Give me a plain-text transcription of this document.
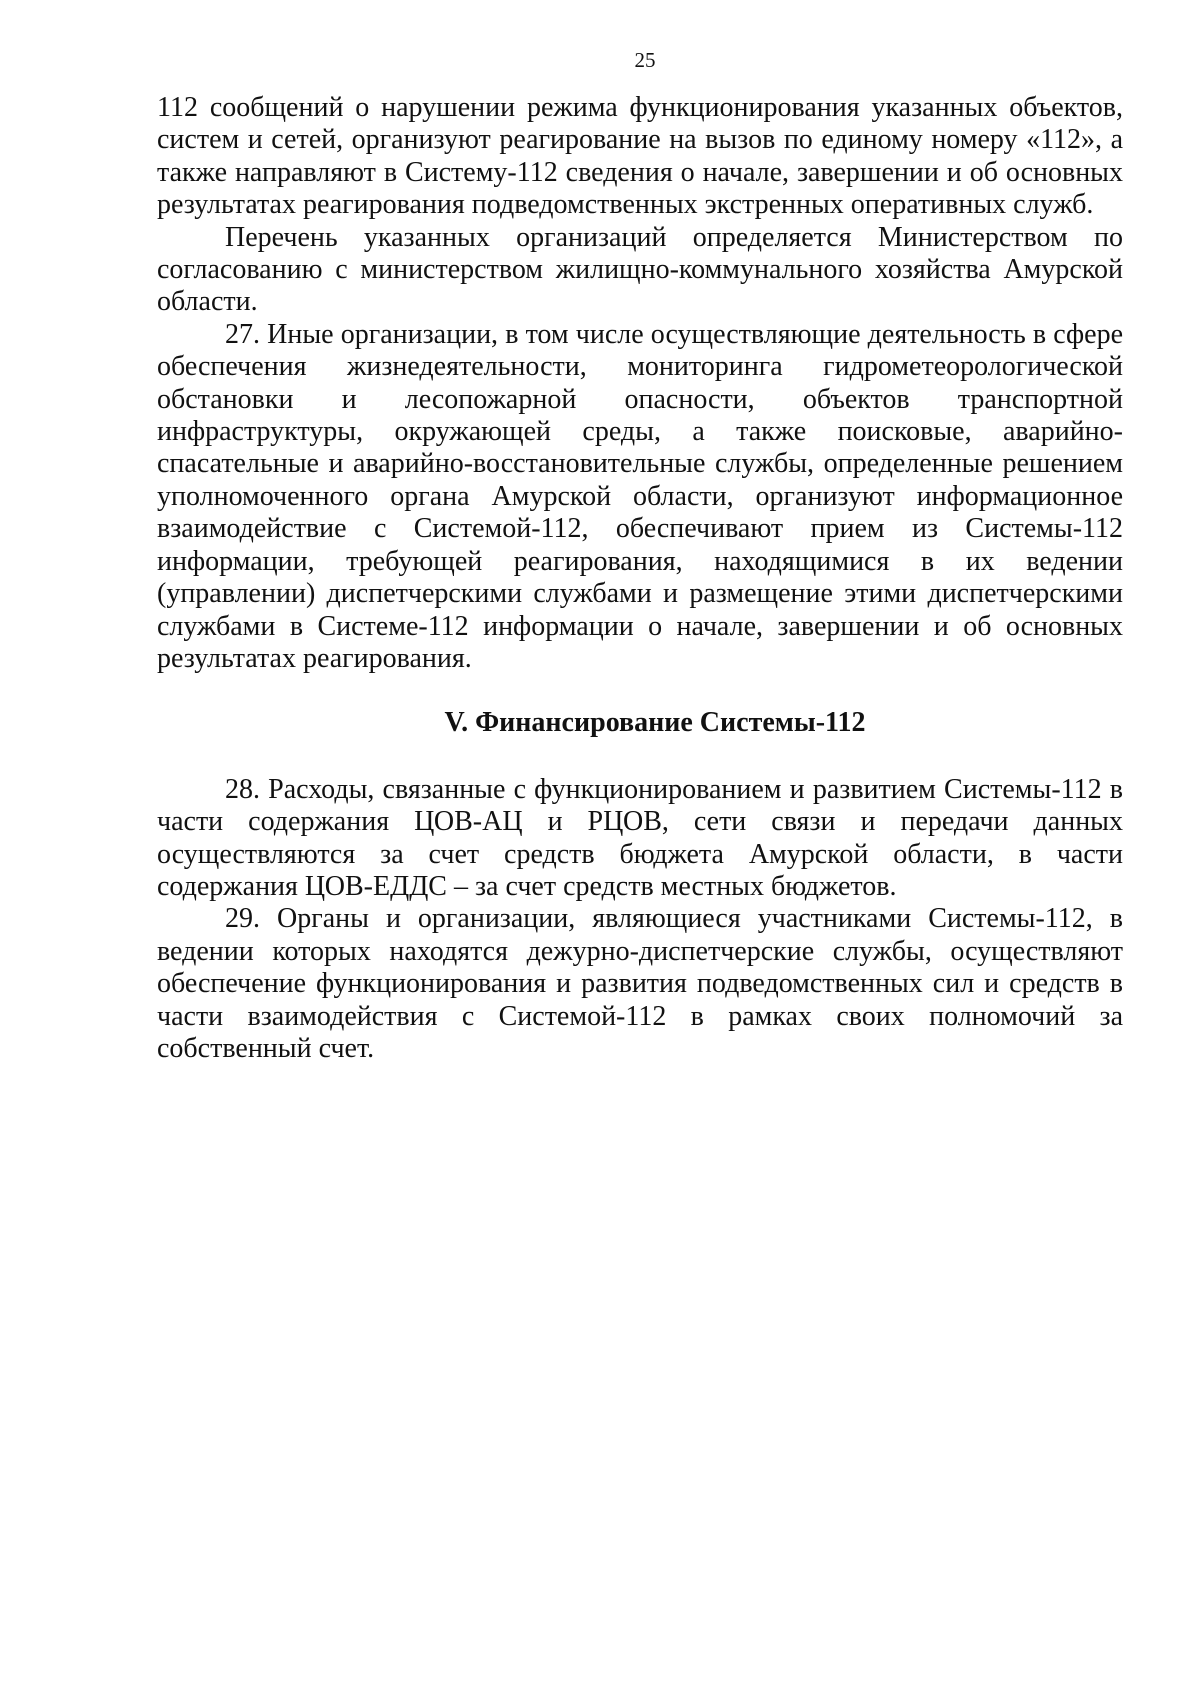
25

112 сообщений о нарушении режима функционирования указанных объектов, систем и сетей, организуют реагирование на вызов по единому номеру «112», а также направляют в Систему-112 сведения о начале, завершении и об основных результатах реагирования подведомственных экстренных оперативных служб.

Перечень указанных организаций определяется Министерством по согласованию с министерством жилищно-коммунального хозяйства Амурской области.

27. Иные организации, в том числе осуществляющие деятельность в сфере обеспечения жизнедеятельности, мониторинга гидрометеорологической обстановки и лесопожарной опасности, объектов транспортной инфраструктуры, окружающей среды, а также поисковые, аварийно-спасательные и аварийно-восстановительные службы, определенные решением уполномоченного органа Амурской области, организуют информационное взаимодействие с Системой-112, обеспечивают прием из Системы-112 информации, требующей реагирования, находящимися в их ведении (управлении) диспетчерскими службами и размещение этими диспетчерскими службами в Системе-112 информации о начале, завершении и об основных результатах реагирования.

V. Финансирование Системы-112

28. Расходы, связанные с функционированием и развитием Системы-112 в части содержания ЦОВ-АЦ и РЦОВ, сети связи и передачи данных осуществляются за счет средств бюджета Амурской области, в части содержания ЦОВ-ЕДДС – за счет средств местных бюджетов.

29. Органы и организации, являющиеся участниками Системы-112, в ведении которых находятся дежурно-диспетчерские службы, осуществляют обеспечение функционирования и развития подведомственных сил и средств в части взаимодействия с Системой-112 в рамках своих полномочий за собственный счет.
